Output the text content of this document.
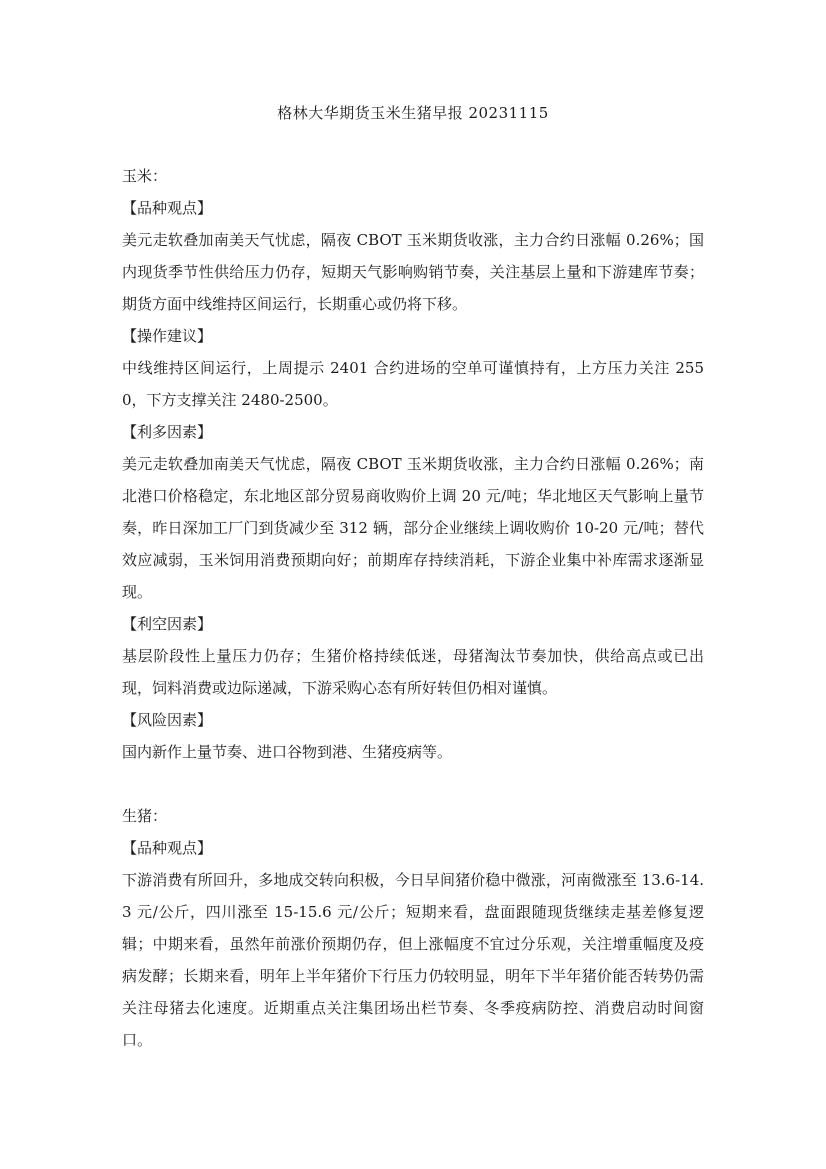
格林大华期货玉米生猪早报 20231115

玉米：

【品种观点】

美元走软叠加南美天气忧虑，隔夜 CBOT 玉米期货收涨，主力合约日涨幅 0.26%；国内现货季节性供给压力仍存，短期天气影响购销节奏，关注基层上量和下游建库节奏；期货方面中线维持区间运行，长期重心或仍将下移。

【操作建议】

中线维持区间运行，上周提示 2401 合约进场的空单可谨慎持有，上方压力关注 2550，下方支撑关注 2480-2500。

【利多因素】

美元走软叠加南美天气忧虑，隔夜 CBOT 玉米期货收涨，主力合约日涨幅 0.26%；南北港口价格稳定，东北地区部分贸易商收购价上调 20 元/吨；华北地区天气影响上量节奏，昨日深加工厂门到货减少至 312 辆，部分企业继续上调收购价 10-20 元/吨；替代效应减弱，玉米饲用消费预期向好；前期库存持续消耗，下游企业集中补库需求逐渐显现。

【利空因素】

基层阶段性上量压力仍存；生猪价格持续低迷，母猪淘汰节奏加快，供给高点或已出现，饲料消费或边际递减，下游采购心态有所好转但仍相对谨慎。

【风险因素】

国内新作上量节奏、进口谷物到港、生猪疫病等。

生猪：

【品种观点】

下游消费有所回升，多地成交转向积极，今日早间猪价稳中微涨，河南微涨至 13.6-14.3 元/公斤，四川涨至 15-15.6 元/公斤；短期来看，盘面跟随现货继续走基差修复逻辑；中期来看，虽然年前涨价预期仍存，但上涨幅度不宜过分乐观，关注增重幅度及疫病发酵；长期来看，明年上半年猪价下行压力仍较明显，明年下半年猪价能否转势仍需关注母猪去化速度。近期重点关注集团场出栏节奏、冬季疫病防控、消费启动时间窗口。
